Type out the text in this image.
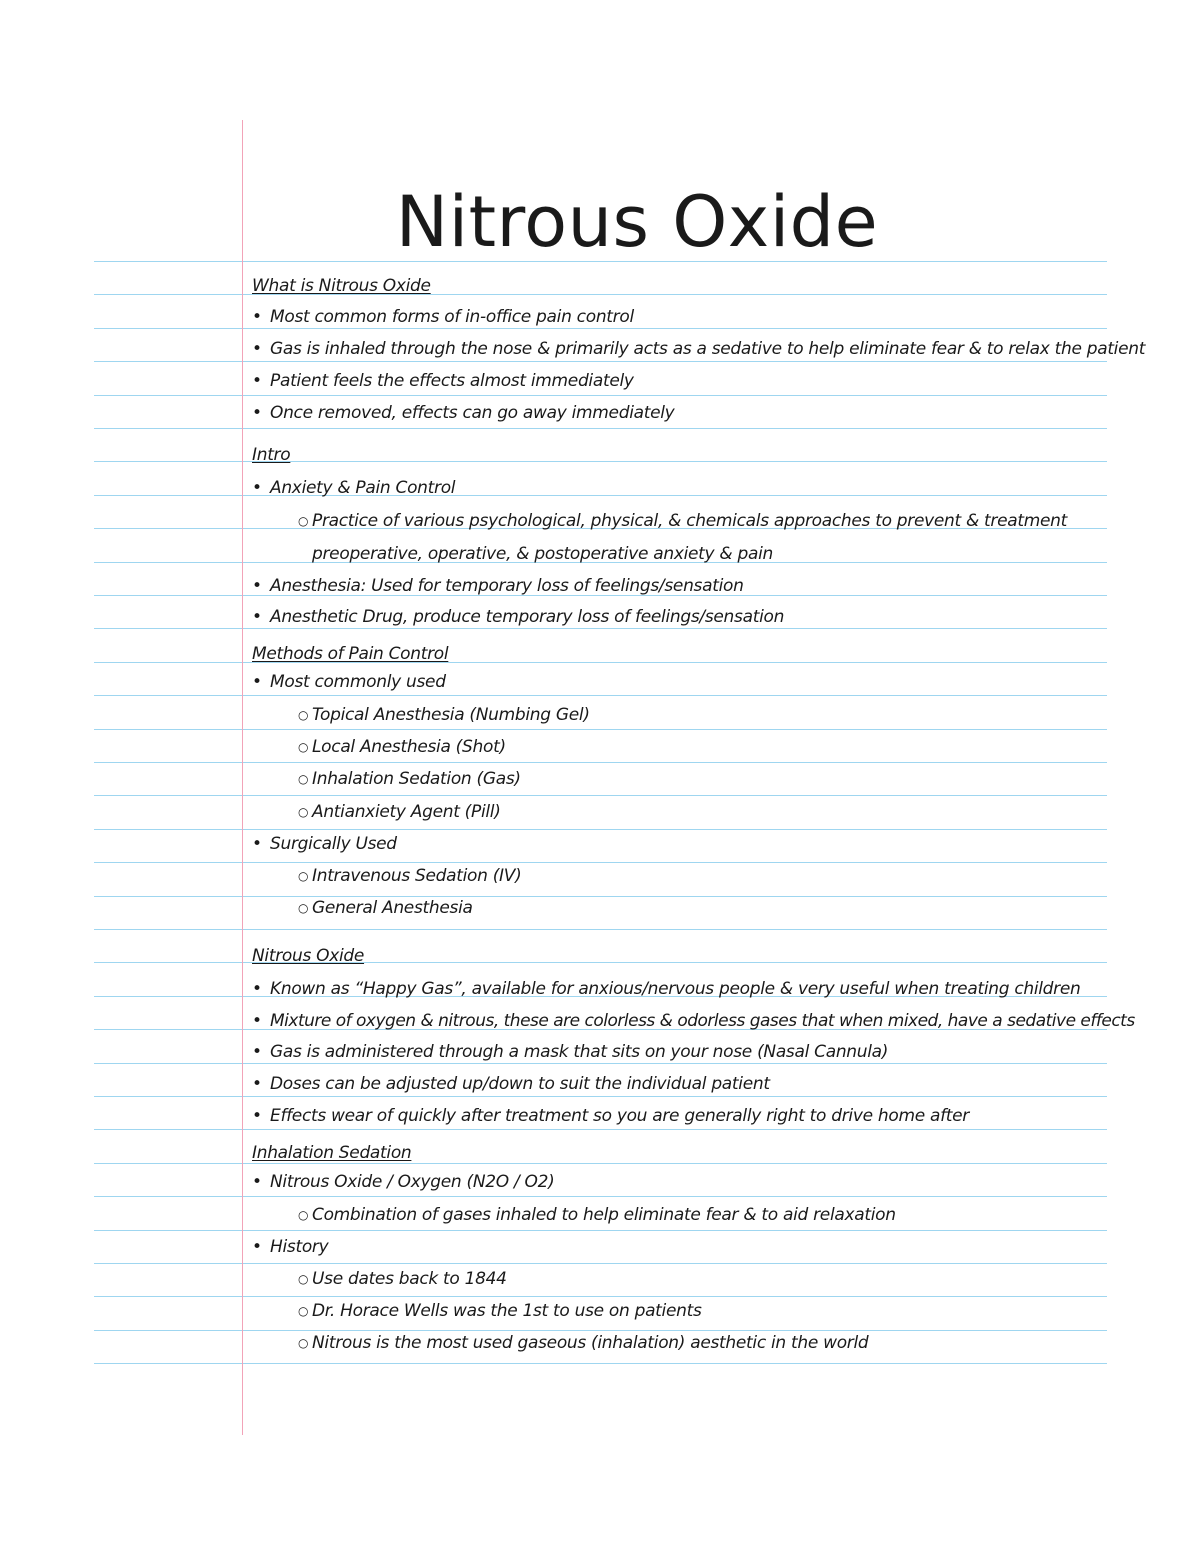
Nitrous Oxide
What is Nitrous Oxide
• Most common forms of in-office pain control
• Gas is inhaled through the nose & primarily acts as a sedative to help eliminate fear & to relax the patient
• Patient feels the effects almost immediately
• Once removed, effects can go away immediately
Intro
• Anxiety & Pain Control
○ Practice of various psychological, physical, & chemicals approaches to prevent & treatment
preoperative, operative, & postoperative anxiety & pain
• Anesthesia: Used for temporary loss of feelings/sensation
• Anesthetic Drug, produce temporary loss of feelings/sensation
Methods of Pain Control
• Most commonly used
○ Topical Anesthesia (Numbing Gel)
○ Local Anesthesia (Shot)
○ Inhalation Sedation (Gas)
○ Antianxiety Agent (Pill)
• Surgically Used
○ Intravenous Sedation (IV)
○ General Anesthesia
Nitrous Oxide
• Known as “Happy Gas”, available for anxious/nervous people & very useful when treating children
• Mixture of oxygen & nitrous, these are colorless & odorless gases that when mixed, have a sedative effects
• Gas is administered through a mask that sits on your nose (Nasal Cannula)
• Doses can be adjusted up/down to suit the individual patient
• Effects wear of quickly after treatment so you are generally right to drive home after
Inhalation Sedation
• Nitrous Oxide / Oxygen (N2O / O2)
○ Combination of gases inhaled to help eliminate fear & to aid relaxation
• History
○ Use dates back to 1844
○ Dr. Horace Wells was the 1st to use on patients
○ Nitrous is the most used gaseous (inhalation) aesthetic in the world
